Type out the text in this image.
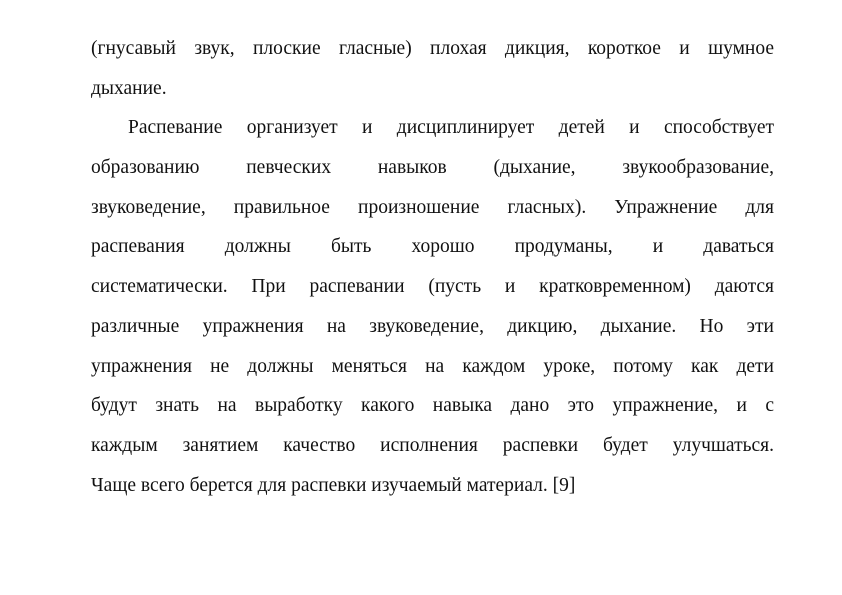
(гнусавый звук, плоские гласные) плохая дикция, короткое и шумное
дыхание.
Распевание организует и дисциплинирует детей и способствует
образованию певческих навыков (дыхание, звукообразование,
звуковедение, правильное произношение гласных). Упражнение для
распевания должны быть хорошо продуманы, и даваться
систематически. При распевании (пусть и кратковременном) даются
различные упражнения на звуковедение, дикцию, дыхание. Но эти
упражнения не должны меняться на каждом уроке, потому как дети
будут знать на выработку какого навыка дано это упражнение, и с
каждым занятием качество исполнения распевки будет улучшаться.
Чаще всего берется для распевки изучаемый материал. [9]
